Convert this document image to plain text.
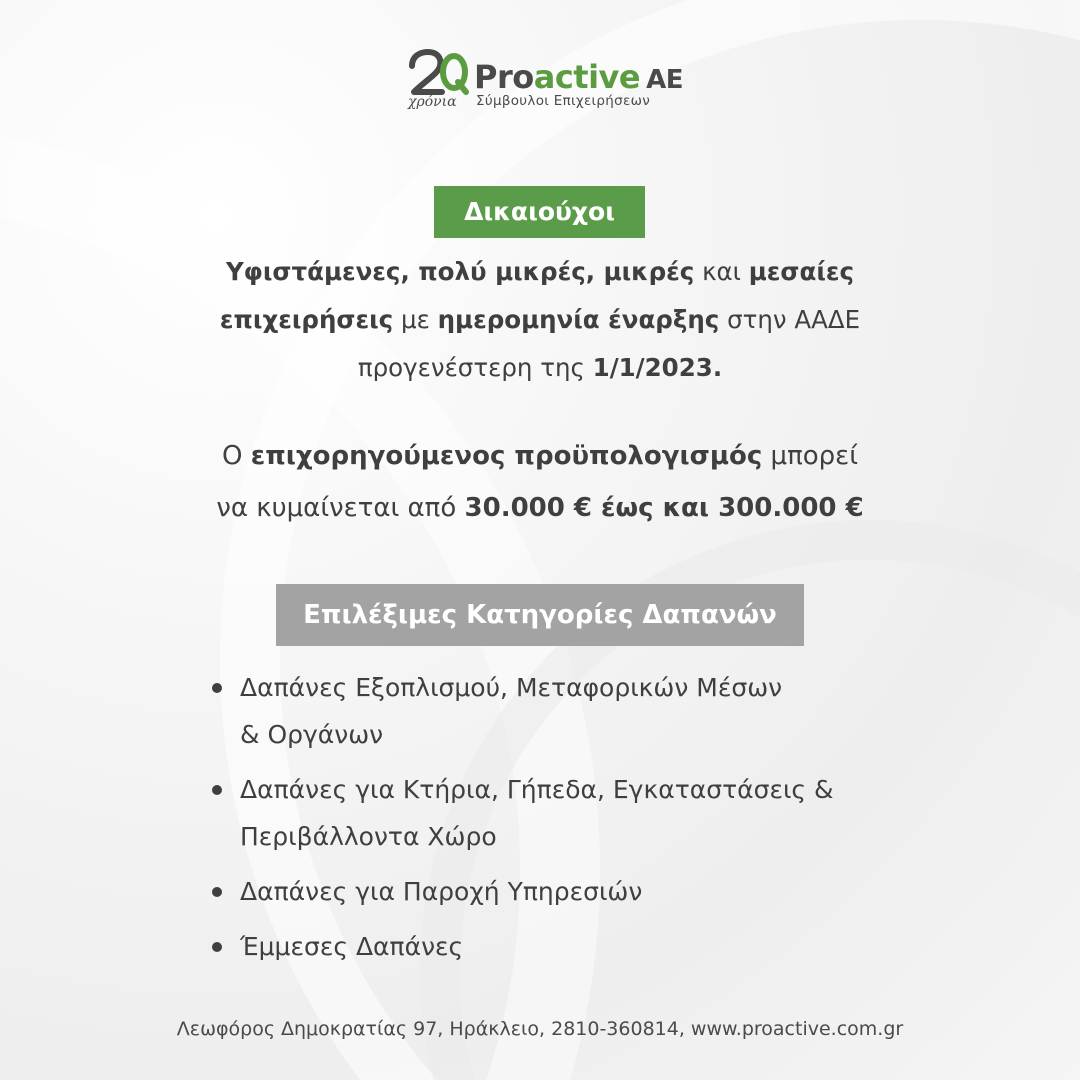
Proactive AE
χρόνια Σύμβουλοι Επιχειρήσεων
Δικαιούχοι
Υφιστάμενες, πολύ μικρές, μικρές και μεσαίες
επιχειρήσεις με ημερομηνία έναρξης στην ΑΑΔΕ
προγενέστερη της 1/1/2023.
Ο επιχορηγούμενος προϋπολογισμός μπορεί
να κυμαίνεται από 30.000 € έως και 300.000 €
Επιλέξιμες Κατηγορίες Δαπανών
Δαπάνες Εξοπλισμού, Μεταφορικών Μέσων
& Οργάνων
Δαπάνες για Κτήρια, Γήπεδα, Εγκαταστάσεις &
Περιβάλλοντα Χώρο
Δαπάνες για Παροχή Υπηρεσιών
Έμμεσες Δαπάνες
Λεωφόρος Δημοκρατίας 97, Ηράκλειο, 2810-360814, www.proactive.com.gr
